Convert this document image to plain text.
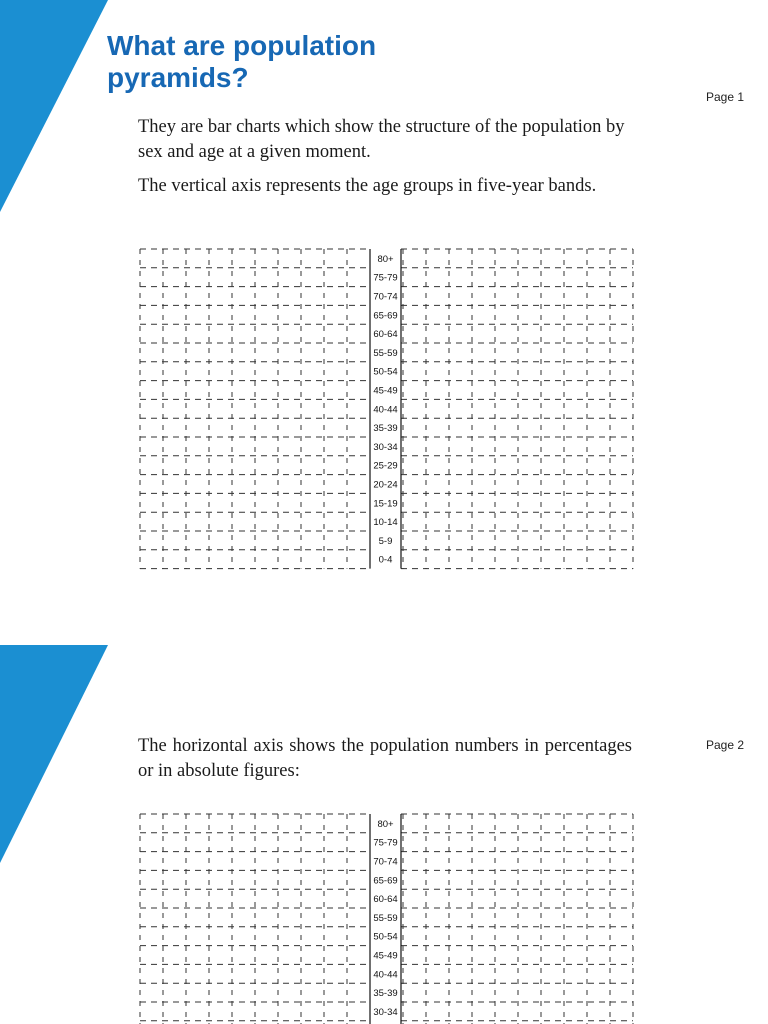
What are population
pyramids?
Page 1

They are bar charts which show the structure of the population by sex and age at a given moment.

The vertical axis represents the age groups in five-year bands.

80+
75-79
70-74
65-69
60-64
55-59
50-54
45-49
40-44
35-39
30-34
25-29
20-24
15-19
10-14
5-9
0-4
Page 2

The horizontal axis shows the population numbers in percentages or in absolute figures:

80+
75-79
70-74
65-69
60-64
55-59
50-54
45-49
40-44
35-39
30-34
